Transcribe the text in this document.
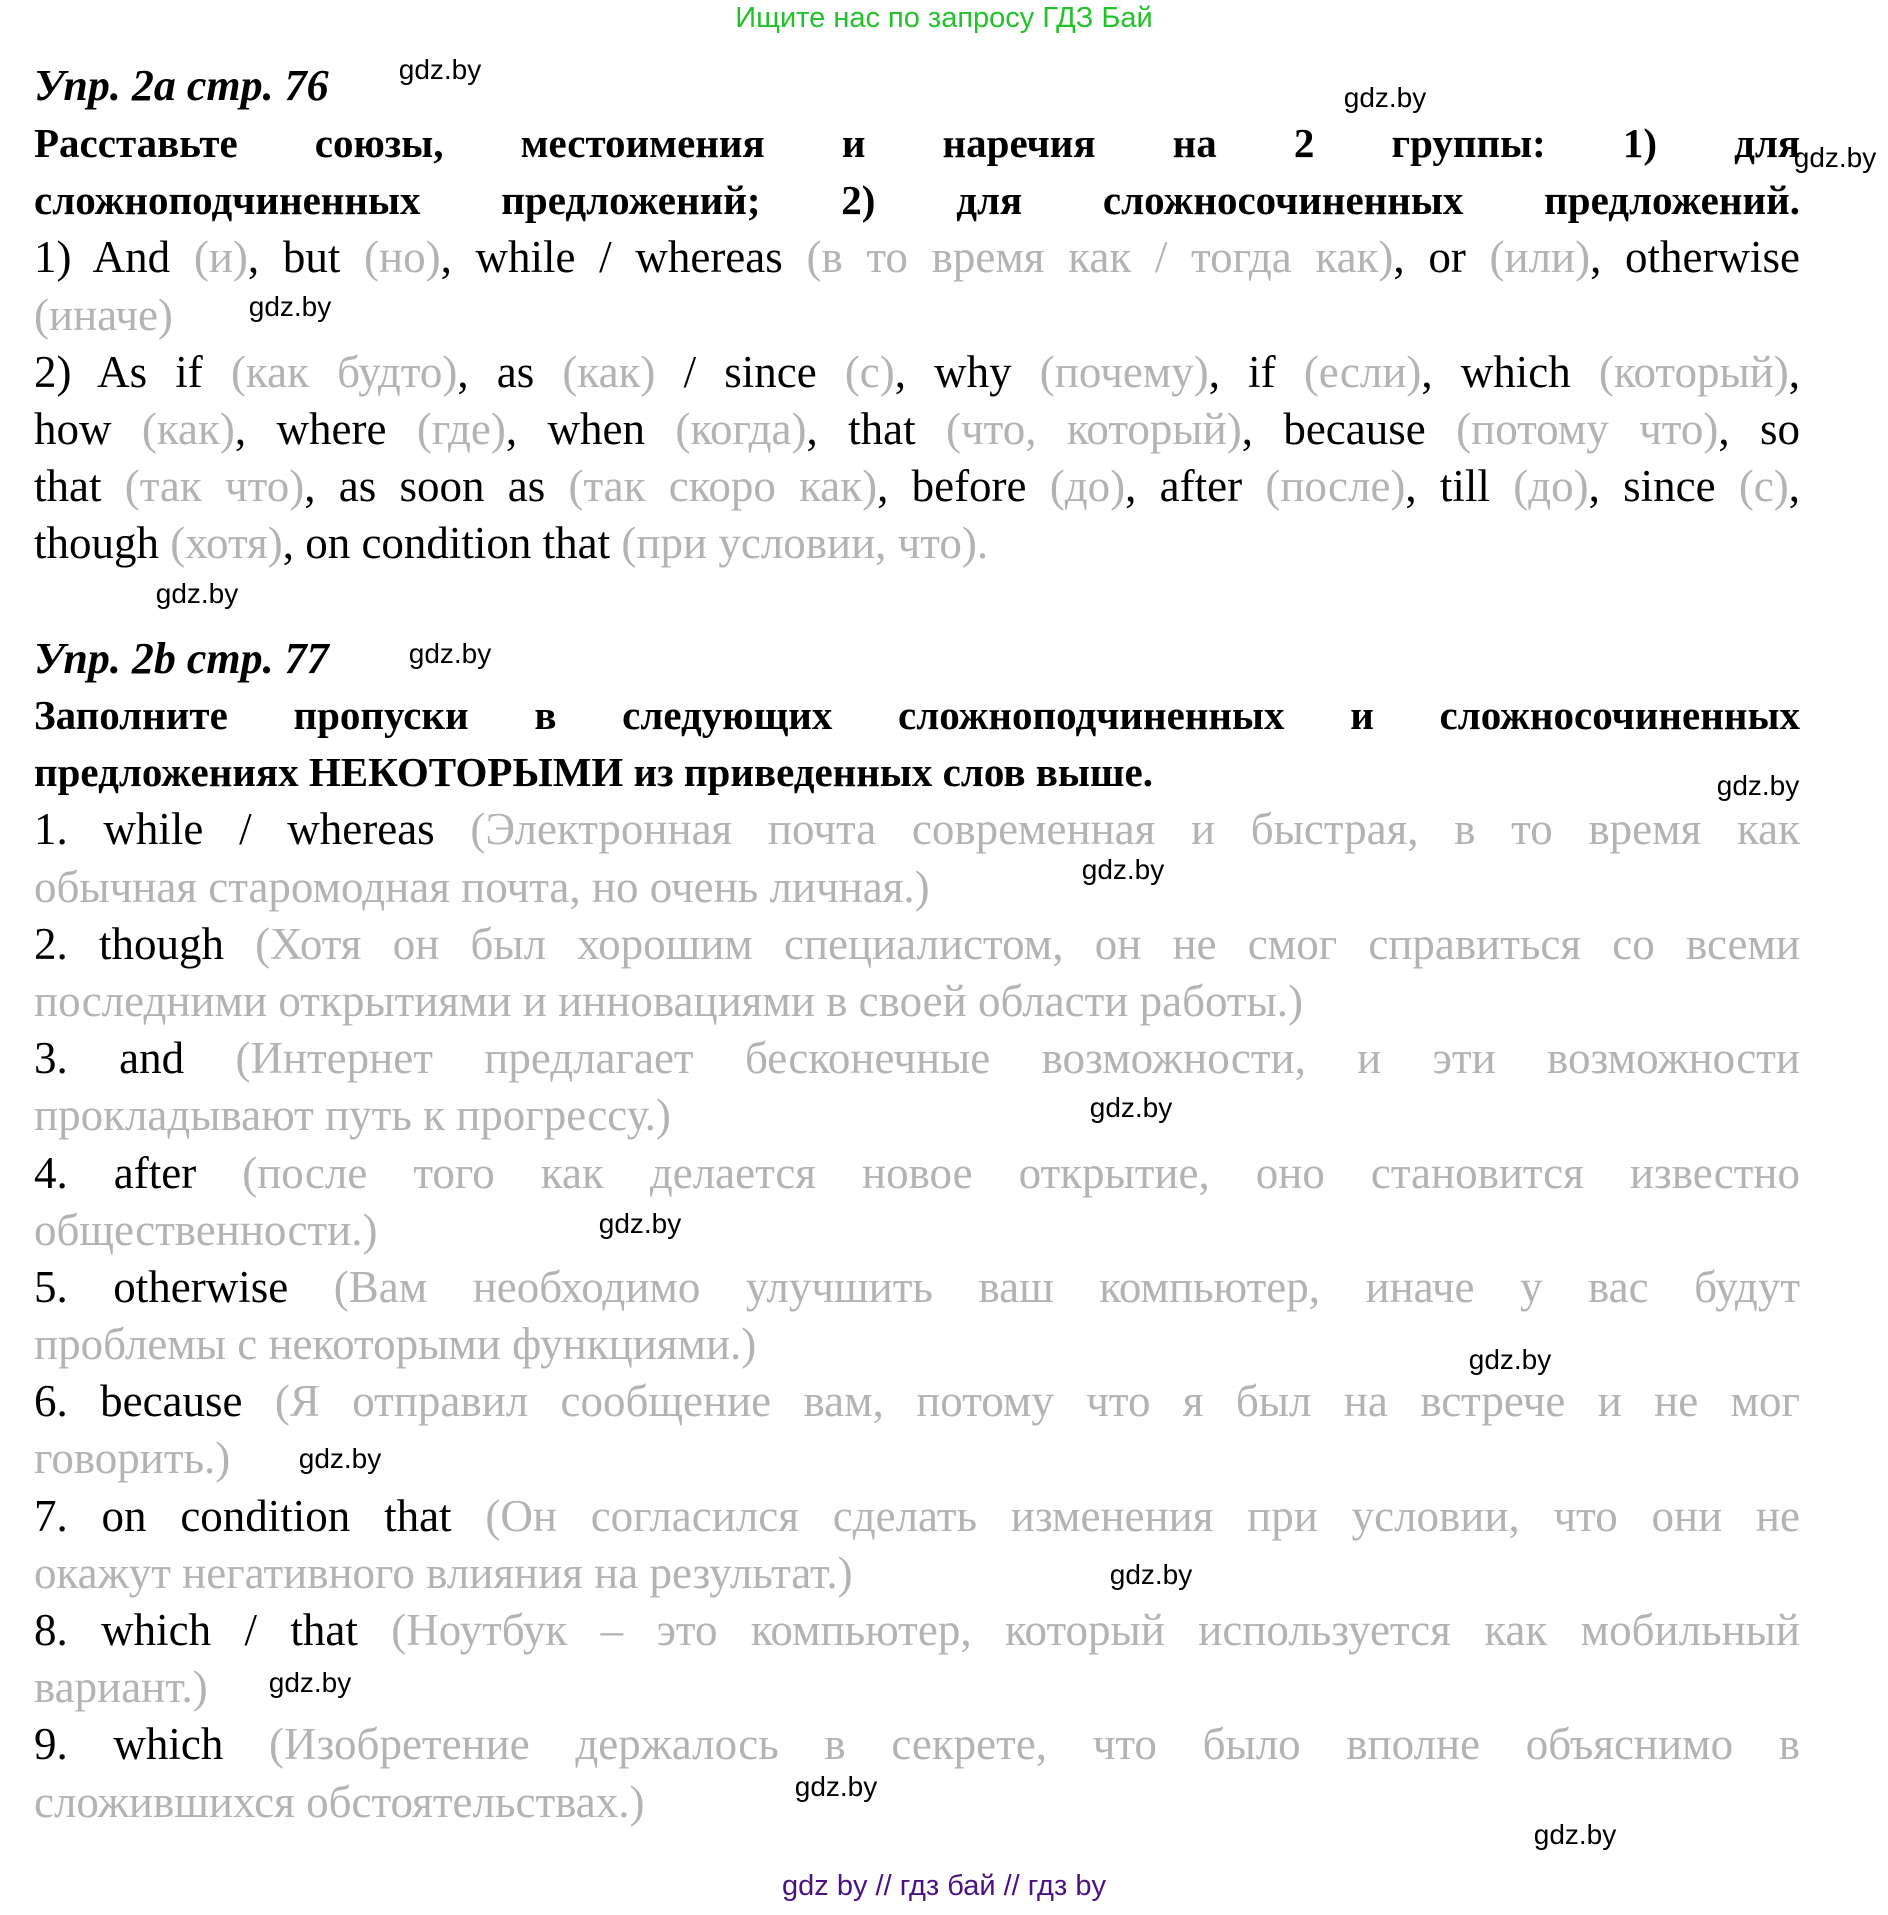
Ищите нас по запросу ГДЗ Бай
Упр. 2a стр. 76
Расставьте союзы, местоимения и наречия на 2 группы: 1) для
сложноподчиненных предложений; 2) для сложносочиненных предложений.
1) And (и), but (но), while / whereas (в то время как / тогда как), or (или), otherwise
(иначе)
2) As if (как будто), as (как) / since (с), why (почему), if (если), which (который),
how (как), where (где), when (когда), that (что, который), because (потому что), so
that (так что), as soon as (так скоро как), before (до), after (после), till (до), since (с),
though (хотя), on condition that (при условии, что).
Упр. 2b стр. 77
Заполните пропуски в следующих сложноподчиненных и сложносочиненных
предложениях НЕКОТОРЫМИ из приведенных слов выше.
1. while / whereas (Электронная почта современная и быстрая, в то время как
обычная старомодная почта, но очень личная.)
2. though (Хотя он был хорошим специалистом, он не смог справиться со всеми
последними открытиями и инновациями в своей области работы.)
3. and (Интернет предлагает бесконечные возможности, и эти возможности
прокладывают путь к прогрессу.)
4. after (после того как делается новое открытие, оно становится известно
общественности.)
5. otherwise (Вам необходимо улучшить ваш компьютер, иначе у вас будут
проблемы с некоторыми функциями.)
6. because (Я отправил сообщение вам, потому что я был на встрече и не мог
говорить.)
7. on condition that (Он согласился сделать изменения при условии, что они не
окажут негативного влияния на результат.)
8. which / that (Ноутбук – это компьютер, который используется как мобильный
вариант.)
9. which (Изобретение держалось в секрете, что было вполне объяснимо в
сложившихся обстоятельствах.)
gdz.by
gdz.by
gdz.by
gdz.by
gdz.by
gdz.by
gdz.by
gdz.by
gdz.by
gdz.by
gdz.by
gdz.by
gdz.by
gdz.by
gdz.by
gdz.by
gdz by // гдз бай // гдз by
